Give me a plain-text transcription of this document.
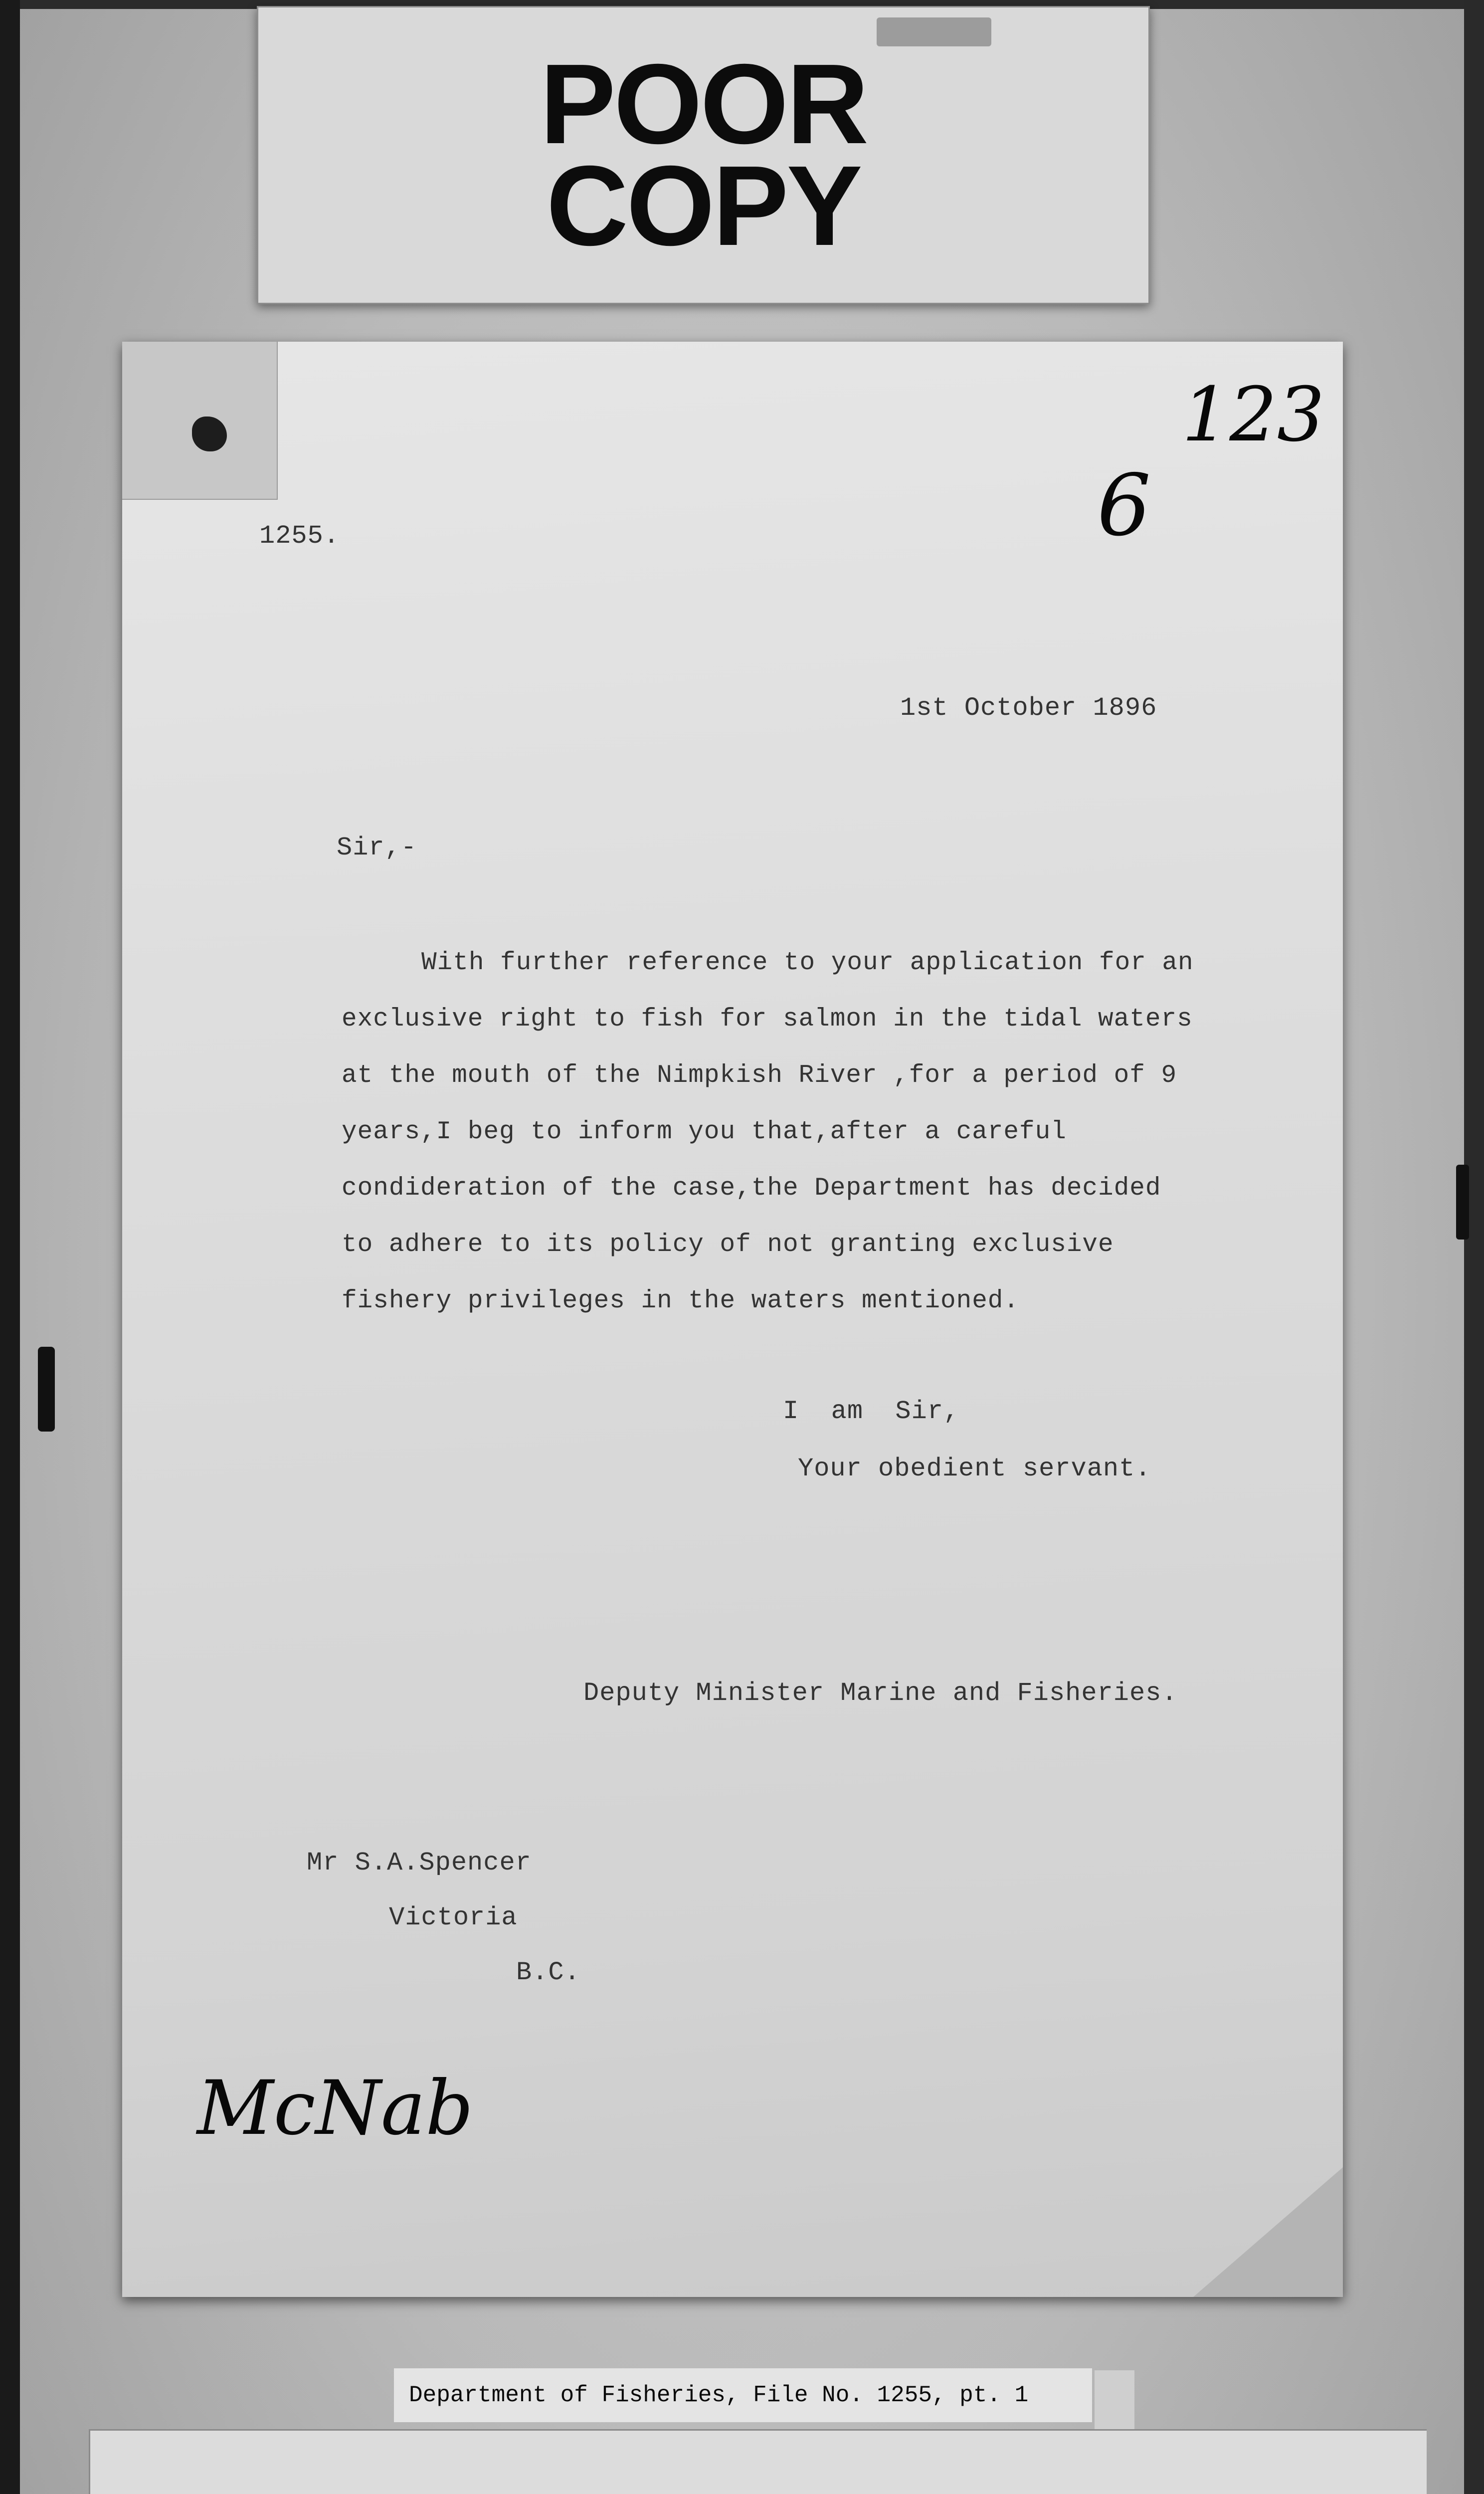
POOR
COPY
1255.
123
6
1st October 1896
Sir,-
With further reference to your application for an
exclusive right to fish for salmon in the tidal waters
at the mouth of the Nimpkish River ,for a period of 9
years,I beg to inform you that,after a careful
condideration of the case,the Department has decided
to adhere to its policy of not granting exclusive
fishery privileges in the waters mentioned.
I  am  Sir,
Your obedient servant.
Deputy Minister Marine and Fisheries.
Mr S.A.Spencer
Victoria
B.C.
McNab
Department of Fisheries, File No. 1255, pt. 1
